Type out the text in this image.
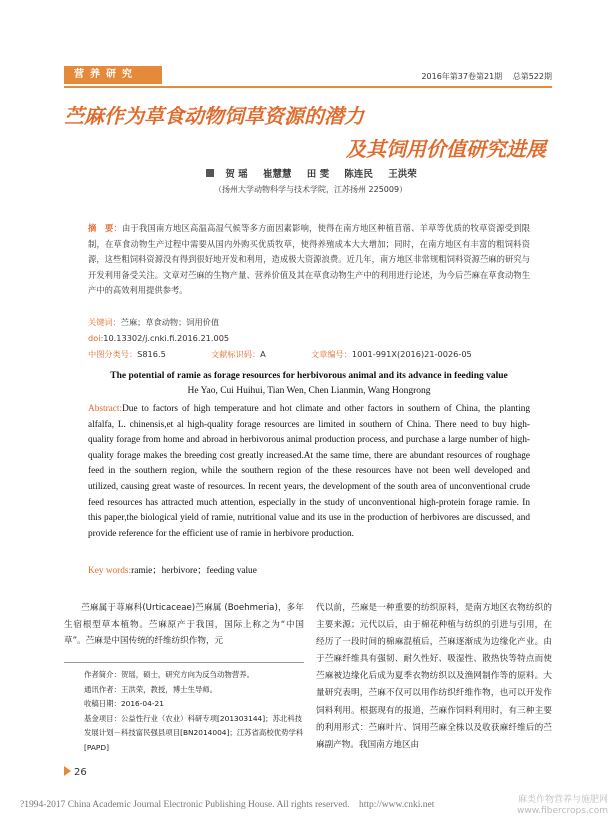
营养研究	2016年第37卷第21期 总第522期
苎麻作为草食动物饲草资源的潜力
及其饲用价值研究进展
贺 瑶 崔慧慧 田 雯 陈连民 王洪荣
（扬州大学动物科学与技术学院，江苏扬州 225009）
摘　要：由于我国南方地区高温高湿气候等多方面因素影响，使得在南方地区种植苜蓿、羊草等优质的牧草资源受到限制，在草食动物生产过程中需要从国内外购买优质牧草，使得养殖成本大大增加；同时，在南方地区有丰富的粗饲料资源，这些粗饲料资源没有得到很好地开发和利用，造成极大资源浪费。近几年，南方地区非常规粗饲料资源苎麻的研究与开发利用备受关注。文章对苎麻的生物产量、营养价值及其在草食动物生产中的利用进行论述，为今后苎麻在草食动物生产中的高效利用提供参考。
关键词：苎麻；草食动物；饲用价值
doi:10.13302/j.cnki.fi.2016.21.005
中图分类号：S816.5	文献标识码：A	文章编号：1001-991X(2016)21-0026-05
The potential of ramie as forage resources for herbivorous animal and its advance in feeding value
He Yao, Cui Huihui, Tian Wen, Chen Lianmin, Wang Hongrong
Abstract:Due to factors of high temperature and hot climate and other factors in southern of China, the planting alfalfa, L. chinensis,et al high-quality forage resources are limited in southern of China. There need to buy high-quality forage from home and abroad in herbivorous animal production process, and purchase a large number of high-quality forage makes the breeding cost greatly increased.At the same time, there are abundant resources of roughage feed in the southern region, while the southern region of the these resources have not been well developed and utilized, causing great waste of resources. In recent years, the development of the south area of unconventional crude feed resources has attracted much attention, especially in the study of unconventional high-protein forage ramie. In this paper,the biological yield of ramie, nutritional value and its use in the production of herbivores are discussed, and provide reference for the efficient use of ramie in herbivore production.
Key words:ramie；herbivore；feeding value
苎麻属于荨麻科(Urticaceae)苎麻属 (Boehmeria)，多年生宿根型草本植物。苎麻原产于我国，国际上称之为“中国草”。苎麻是中国传统的纤维纺织作物，元

代以前，苎麻是一种重要的纺织原料，是南方地区衣物纺织的主要来源；元代以后，由于棉花种植与纺织的引进与引用，在经历了一段时间的棉麻混植后，苎麻逐渐成为边缘化产业。由于苎麻纤维具有强韧、耐久性好、吸湿性、散热快等特点而使苎麻被边缘化后成为夏季衣物纺织以及渔网制作等的原料。大量研究表明，苎麻不仅可以用作纺织纤维作物，也可以开发作饲料利用。根据现有的报道，苎麻作饲料利用时，有三种主要的利用形式：苎麻叶片、饲用苎麻全株以及收获麻纤维后的苎麻副产物。我国南方地区由

作者简介：贺瑶，硕士，研究方向为反刍动物营养。
通讯作者：王洪荣，教授，博士生导师。
收稿日期：2016-04-21
基金项目：公益性行业（农业）科研专项[201303144]；苏北科技发展计划－科技富民强县项目[BN2014004]；江苏省高校优势学科[PAPD]
26
?1994-2017 China Academic Journal Electronic Publishing House. All rights reserved.　http://www.cnki.net	麻类作物营养与施肥网
www.fibercrops.com
